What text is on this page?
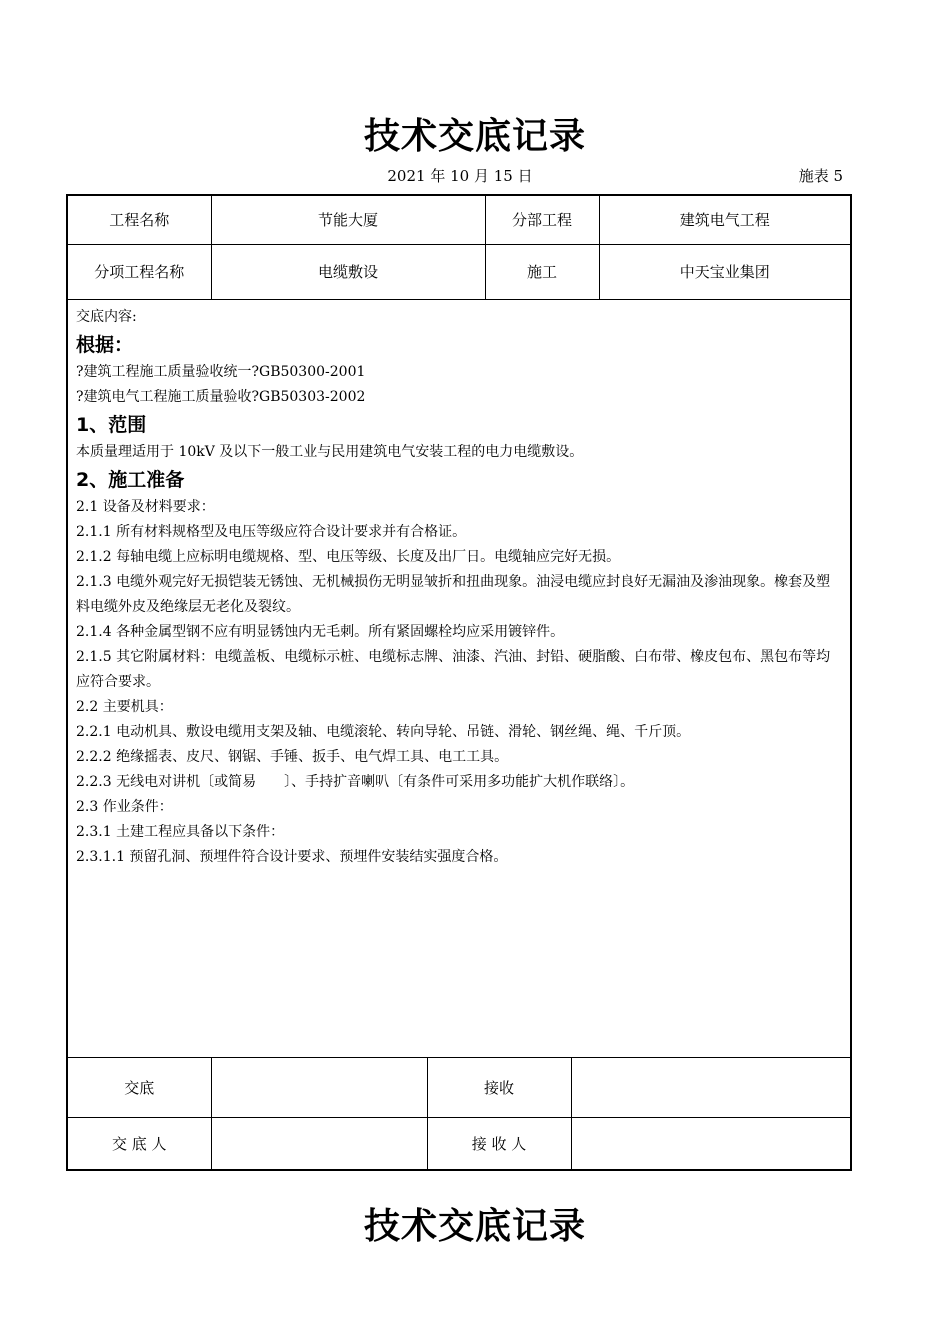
技术交底记录
2021 年 10 月 15 日	施表 5
工程名称	节能大厦	分部工程	建筑电气工程
分项工程名称	电缆敷设	施工	中天宝业集团

交底内容:

根据：

?建筑工程施工质量验收统一?GB50300-2001

?建筑电气工程施工质量验收?GB50303-2002

1、范围

本质量理适用于 10kV 及以下一般工业与民用建筑电气安装工程的电力电缆敷设。

2、施工准备

2.1 设备及材料要求：

2.1.1 所有材料规格型及电压等级应符合设计要求并有合格证。

2.1.2 每轴电缆上应标明电缆规格、型、电压等级、长度及出厂日。电缆轴应完好无损。

2.1.3 电缆外观完好无损铠装无锈蚀、无机械损伤无明显皱折和扭曲现象。油浸电缆应封良好无漏油及渗油现象。橡套及塑料电缆外皮及绝缘层无老化及裂纹。

2.1.4 各种金属型钢不应有明显锈蚀内无毛刺。所有紧固螺栓均应采用镀锌件。

2.1.5 其它附属材料：电缆盖板、电缆标示桩、电缆标志牌、油漆、汽油、封铅、硬脂酸、白布带、橡皮包布、黑包布等均应符合要求。

2.2 主要机具：

2.2.1 电动机具、敷设电缆用支架及轴、电缆滚轮、转向导轮、吊链、滑轮、钢丝绳、绳、千斤顶。

2.2.2 绝缘摇表、皮尺、钢锯、手锤、扳手、电气焊工具、电工工具。

2.2.3 无线电对讲机〔或简易　　〕、手持扩音喇叭〔有条件可采用多功能扩大机作联络〕。

2.3 作业条件：

2.3.1 土建工程应具备以下条件：

2.3.1.1 预留孔洞、预埋件符合设计要求、预埋件安装结实强度合格。

交底		接收	
交 底 人		接 收 人	
技术交底记录
